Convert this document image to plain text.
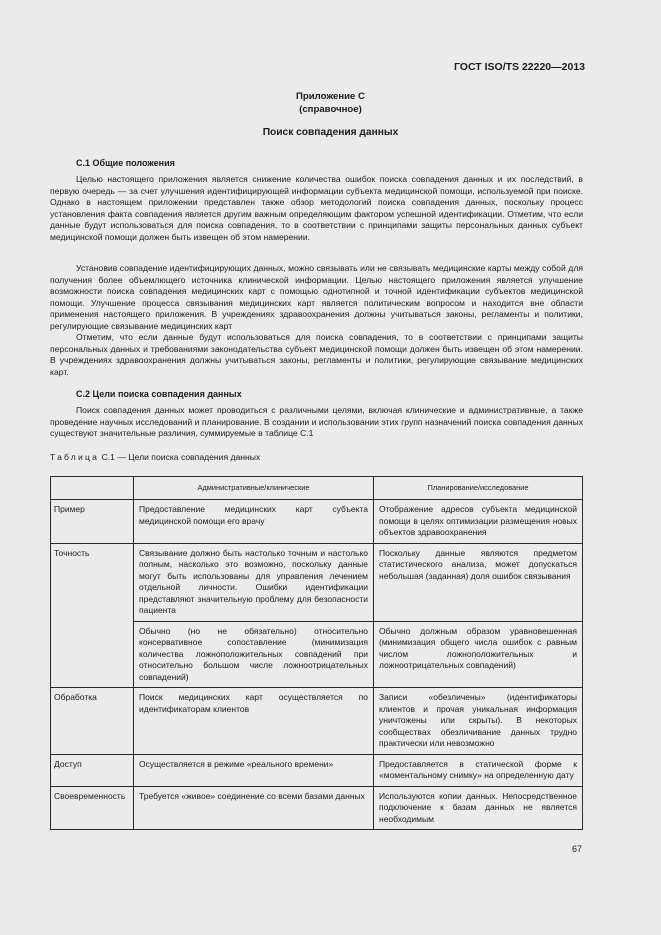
ГОСТ ISO/TS 22220—2013
Приложение С
(справочное)
Поиск совпадения данных
С.1 Общие положения
Целью настоящего приложения является снижение количества ошибок поиска совпадения данных и их последствий, в первую очередь — за счет улучшения идентифицирующей информации субъекта медицинской помощи, используемой при поиске. Однако в настоящем приложении представлен также обзор методологий поиска совпадения данных, поскольку процесс установления факта совпадения является другим важным определяющим фактором успешной идентификации. Отметим, что если данные будут использоваться для поиска совпадения, то в соответствии с принципами защиты персональных данных субъект медицинской помощи должен быть извещен об этом намерении.
Установив совпадение идентифицирующих данных, можно связывать или не связывать медицинские карты между собой для получения более объемлющего источника клинической информации. Целью настоящего приложения является улучшение возможности поиска совпадения медицинских карт с помощью однотипной и точной идентификации субъектов медицинской помощи. Улучшение процесса связывания медицинских карт является политическим вопросом и находится вне области применения настоящего приложения. В учреждениях здравоохранения должны учитываться законы, регламенты и политики, регулирующие связывание медицинских карт
Отметим, что если данные будут использоваться для поиска совпадения, то в соответствии с принципами защиты персональных данных и требованиями законодательства субъект медицинской помощи должен быть извещен об этом намерении. В учреждениях здравоохранения должны учитываться законы, регламенты и политики, регулирующие связывание медицинских карт.
С.2 Цели поиска совпадения данных
Поиск совпадения данных может проводиться с различными целями, включая клинические и административные, а также проведение научных исследований и планирование. В создании и использовании этих групп назначений поиска совпадения данных существуют значительные различия, суммируемые в таблице С.1
Таблица С.1 — Цели поиска совпадения данных
	Административные/клинические	Планирование/исследование
Пример	Предоставление медицинских карт субъекта медицинской помощи его врачу	Отображение адресов субъекта медицинской помощи в целях оптимизации размещения новых объектов здравоохранения
Точность	Связывание должно быть настолько точным и настолько полным, насколько это возможно, поскольку данные могут быть использованы для управления лечением отдельной личности. Ошибки идентификации представляют значительную проблему для безопасности пациента	Поскольку данные являются предметом статистического анализа, может допускаться небольшая (заданная) доля ошибок связывания
	Обычно (но не обязательно) относительно консервативное сопоставление (минимизация количества ложноположительных совпадений при относительно большом числе ложноотрицательных совпадений)	Обычно должным образом уравновешенная (минимизация общего числа ошибок с равным числом ложноположительных и ложноотрицательных совпадений)
Обработка	Поиск медицинских карт осуществляется по идентификаторам клиентов	Записи «обезличены» (идентификаторы клиентов и прочая уникальная информация уничтожены или скрыты). В некоторых сообществах обезличивание данных трудно практически или невозможно
Доступ	Осуществляется в режиме «реального времени»	Предоставляется в статической форме к «моментальному снимку» на определенную дату
Своевременность	Требуется «живое» соединение со всеми базами данных	Используются копии данных. Непосредственное подключение к базам данных не является необходимым
67
